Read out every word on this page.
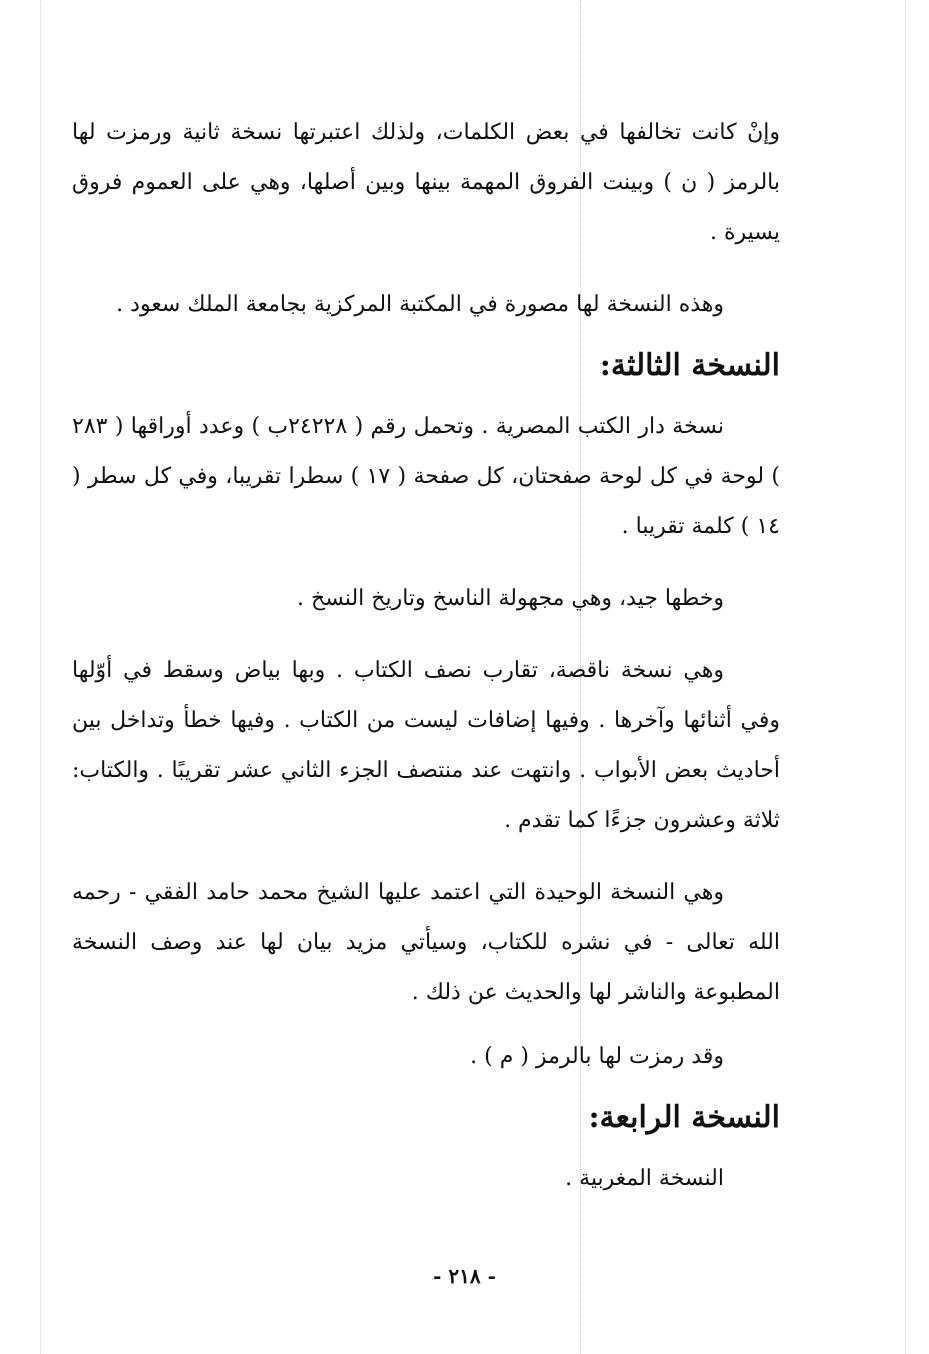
وإنْ كانت تخالفها في بعض الكلمات، ولذلك اعتبرتها نسخة ثانية ورمزت لها بالرمز ( ن ) وبينت الفروق المهمة بينها وبين أصلها، وهي على العموم فروق يسيرة .

وهذه النسخة لها مصورة في المكتبة المركزية بجامعة الملك سعود .

النسخة الثالثة:

نسخة دار الكتب المصرية . وتحمل رقم ( ٢٤٢٢٨ب ) وعدد أوراقها ( ٢٨٣ ) لوحة في كل لوحة صفحتان، كل صفحة ( ١٧ ) سطرا تقريبا، وفي كل سطر ( ١٤ ) كلمة تقريبا .

وخطها جيد، وهي مجهولة الناسخ وتاريخ النسخ .

وهي نسخة ناقصة، تقارب نصف الكتاب . وبها بياض وسقط في أوّلها وفي أثنائها وآخرها . وفيها إضافات ليست من الكتاب . وفيها خطأ وتداخل بين أحاديث بعض الأبواب . وانتهت عند منتصف الجزء الثاني عشر تقريبًا . والكتاب: ثلاثة وعشرون جزءًا كما تقدم .

وهي النسخة الوحيدة التي اعتمد عليها الشيخ محمد حامد الفقي - رحمه الله تعالى - في نشره للكتاب، وسيأتي مزيد بيان لها عند وصف النسخة المطبوعة والناشر لها والحديث عن ذلك .

وقد رمزت لها بالرمز ( م ) .

النسخة الرابعة:

النسخة المغربية .

- ٢١٨ -
